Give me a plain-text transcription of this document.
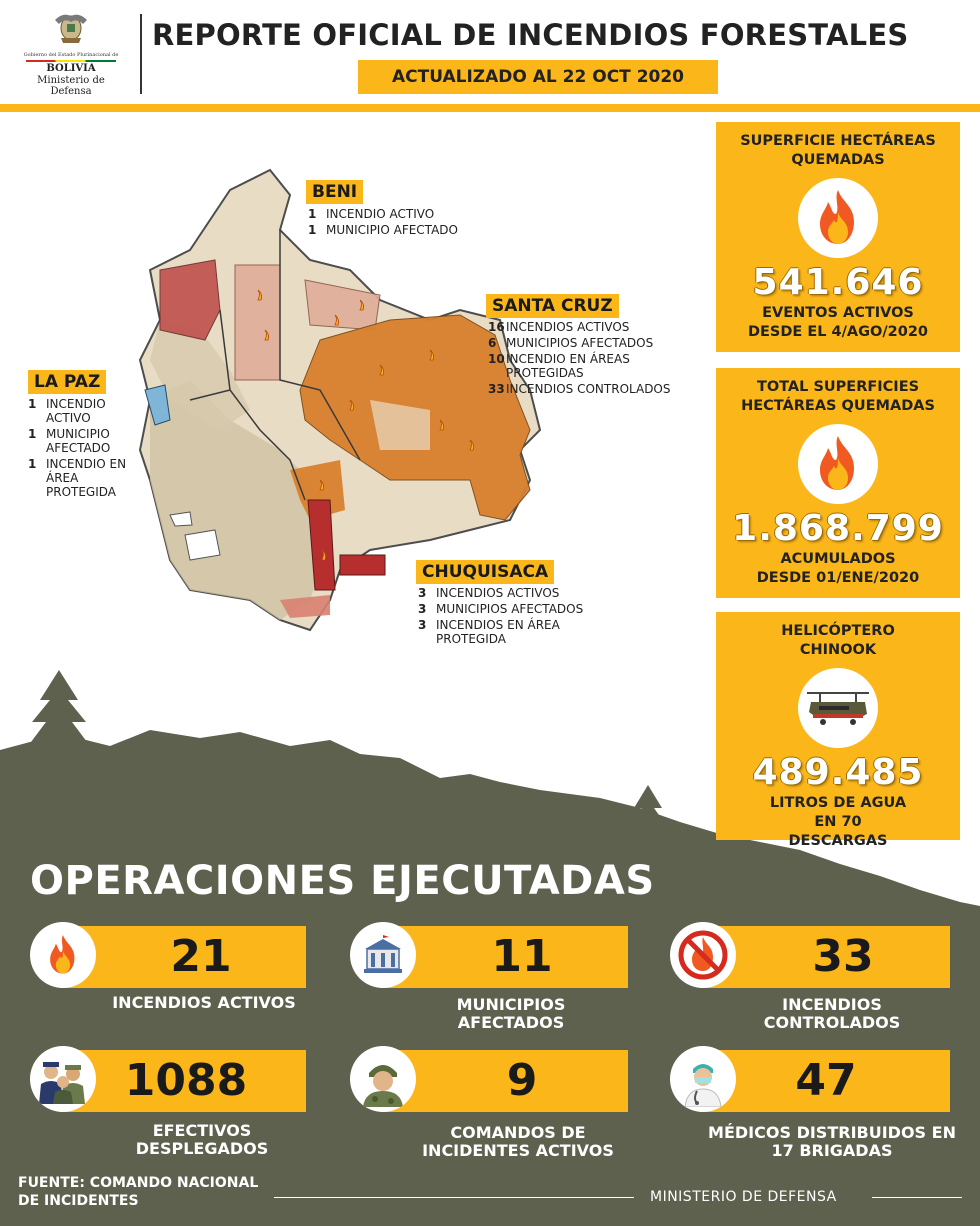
Gobierno del Estado Plurinacional de
BOLIVIA
Ministerio de
Defensa
REPORTE OFICIAL DE INCENDIOS FORESTALES
ACTUALIZADO AL 22 OCT 2020
BENI
1 INCENDIO ACTIVO
1 MUNICIPIO AFECTADO
SANTA CRUZ
16 INCENDIOS ACTIVOS
6 MUNICIPIOS AFECTADOS
10 INCENDIO EN ÁREAS PROTEGIDAS
33 INCENDIOS CONTROLADOS
LA PAZ
1 INCENDIO ACTIVO
1 MUNICIPIO AFECTADO
1 INCENDIO EN ÁREA PROTEGIDA
CHUQUISACA
3 INCENDIOS ACTIVOS
3 MUNICIPIOS AFECTADOS
3 INCENDIOS EN ÁREA PROTEGIDA
SUPERFICIE HECTÁREAS QUEMADAS
541.646
EVENTOS ACTIVOS DESDE EL 4/AGO/2020
TOTAL SUPERFICIES HECTÁREAS QUEMADAS
1.868.799
ACUMULADOS DESDE 01/ENE/2020
HELICÓPTERO CHINOOK
489.485
LITROS DE AGUA EN 70 DESCARGAS
OPERACIONES EJECUTADAS
21
INCENDIOS ACTIVOS
11
MUNICIPIOS AFECTADOS
33
INCENDIOS CONTROLADOS
1088
EFECTIVOS DESPLEGADOS
9
COMANDOS DE INCIDENTES ACTIVOS
47
MÉDICOS DISTRIBUIDOS EN 17 BRIGADAS
FUENTE: COMANDO NACIONAL DE INCIDENTES	MINISTERIO DE DEFENSA
